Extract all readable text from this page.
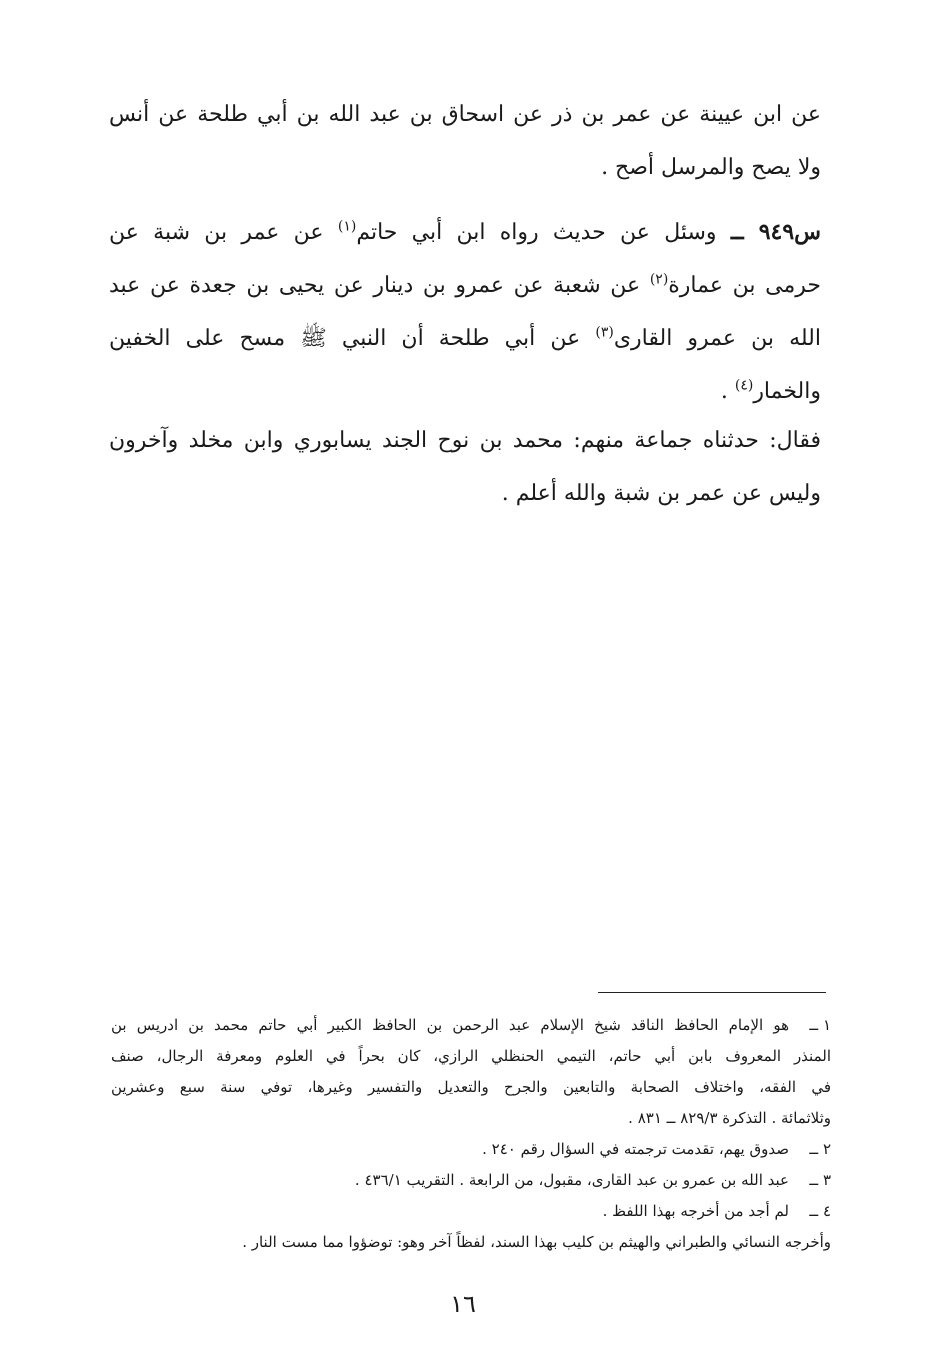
عن ابن عيينة عن عمر بن ذر عن اسحاق بن عبد الله بن أبي طلحة عن أنس
ولا يصح والمرسل أصح .
س٩٤٩ ــ وسئل عن حديث رواه ابن أبي حاتم$^{(١)}$ عن عمر بن شبة عن
حرمى بن عمارة$^{(٢)}$ عن شعبة عن عمرو بن دينار عن يحيى بن جعدة عن عبد
الله بن عمرو القارى$^{(٣)}$ عن أبي طلحة أن النبي ﷺ مسح على الخفين
والخمار$^{(٤)}$ .
فقال: حدثناه جماعة منهم: محمد بن نوح الجند يسابوري وابن مخلد وآخرون
وليس عن عمر بن شبة والله أعلم .
١ ــ
هو الإمام الحافظ الناقد شيخ الإسلام عبد الرحمن بن الحافظ الكبير أبي حاتم محمد بن ادريس بن
المنذر المعروف بابن أبي حاتم، التيمي الحنظلي الرازي، كان بحراً في العلوم ومعرفة الرجال، صنف
في الفقه، واختلاف الصحابة والتابعين والجرح والتعديل والتفسير وغيرها، توفي سنة سبع وعشرين
وثلاثمائة . التذكرة ٨٢٩/٣ ــ ٨٣١ .
٢ ــ
صدوق يهم، تقدمت ترجمته في السؤال رقم ٢٤٠ .
٣ ــ
عبد الله بن عمرو بن عبد القارى، مقبول، من الرابعة . التقريب ٤٣٦/١ .
٤ ــ
لم أجد من أخرجه بهذا اللفظ .
وأخرجه النسائي والطبراني والهيثم بن كليب بهذا السند، لفظاً آخر وهو: توضؤوا مما مست النار .
١٦
